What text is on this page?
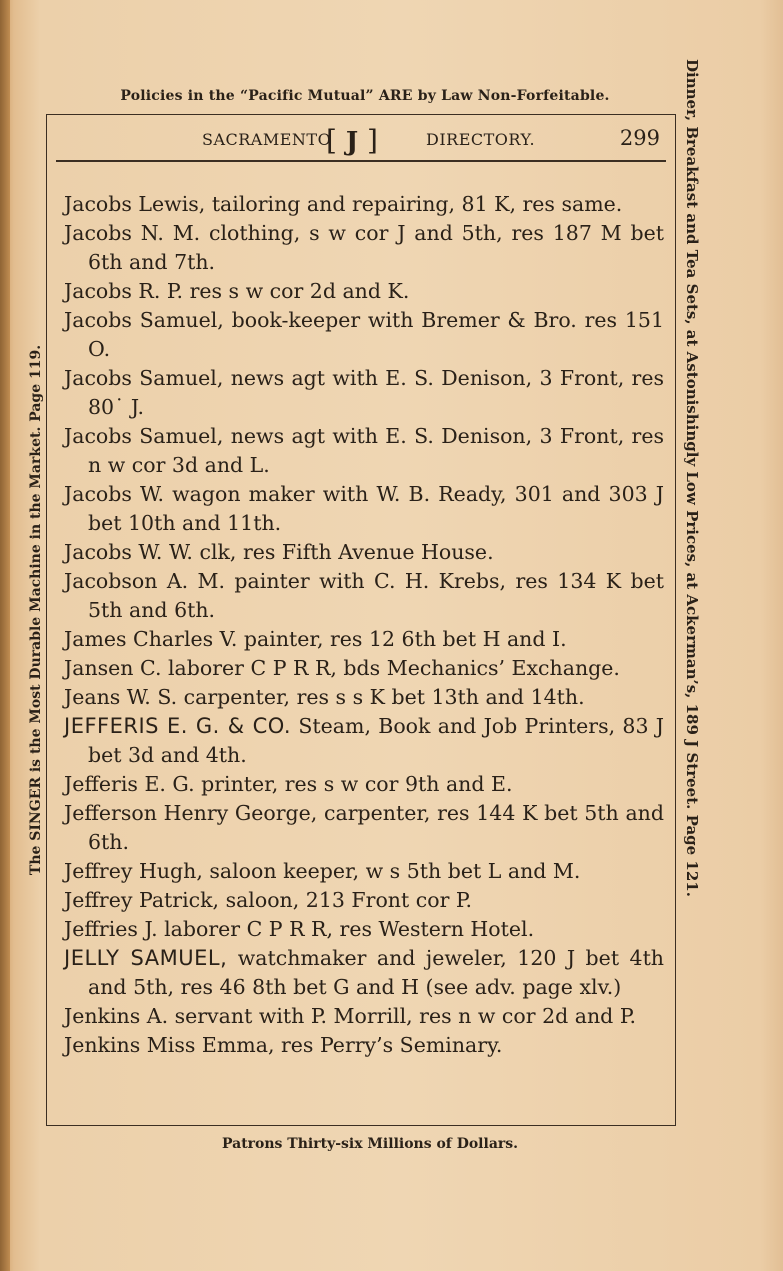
Policies in the “Pacific Mutual” ARE by Law Non-Forfeitable.
SACRAMENTO
[ J ]	DIRECTORY.	299

Jacobs Lewis, tailoring and repairing, 81 K, res same.

Jacobs N. M. clothing, s w cor J and 5th, res 187 M bet 6th and 7th.

Jacobs R. P. res s w cor 2d and K.

Jacobs Samuel, book-keeper with Bremer & Bro. res 151 O.

Jacobs Samuel, news agt with E. S. Denison, 3 Front, res 80˙ J.

Jacobs Samuel, news agt with E. S. Denison, 3 Front, res n w cor 3d and L.

Jacobs W. wagon maker with W. B. Ready, 301 and 303 J bet 10th and 11th.

Jacobs W. W. clk, res Fifth Avenue House.

Jacobson A. M. painter with C. H. Krebs, res 134 K bet 5th and 6th.

James Charles V. painter, res 12 6th bet H and I.

Jansen C. laborer C P R R, bds Mechanics’ Exchange.

Jeans W. S. carpenter, res s s K bet 13th and 14th.

JEFFERIS E. G. & CO. Steam, Book and Job Printers, 83 J bet 3d and 4th.

Jefferis E. G. printer, res s w cor 9th and E.

Jefferson Henry George, carpenter, res 144 K bet 5th and 6th.

Jeffrey Hugh, saloon keeper, w s 5th bet L and M.

Jeffrey Patrick, saloon, 213 Front cor P.

Jeffries J. laborer C P R R, res Western Hotel.

JELLY SAMUEL, watchmaker and jeweler, 120 J bet 4th and 5th, res 46 8th bet G and H (see adv. page xlv.)

Jenkins A. servant with P. Morrill, res n w cor 2d and P.

Jenkins Miss Emma, res Perry’s Seminary.

Patrons Thirty-six Millions of Dollars.
The SINGER is the Most Durable Machine in the Market. Page 119.	Dinner, Breakfast and Tea Sets, at Astonishingly Low Prices, at Ackerman’s, 189 J Street. Page 121.
